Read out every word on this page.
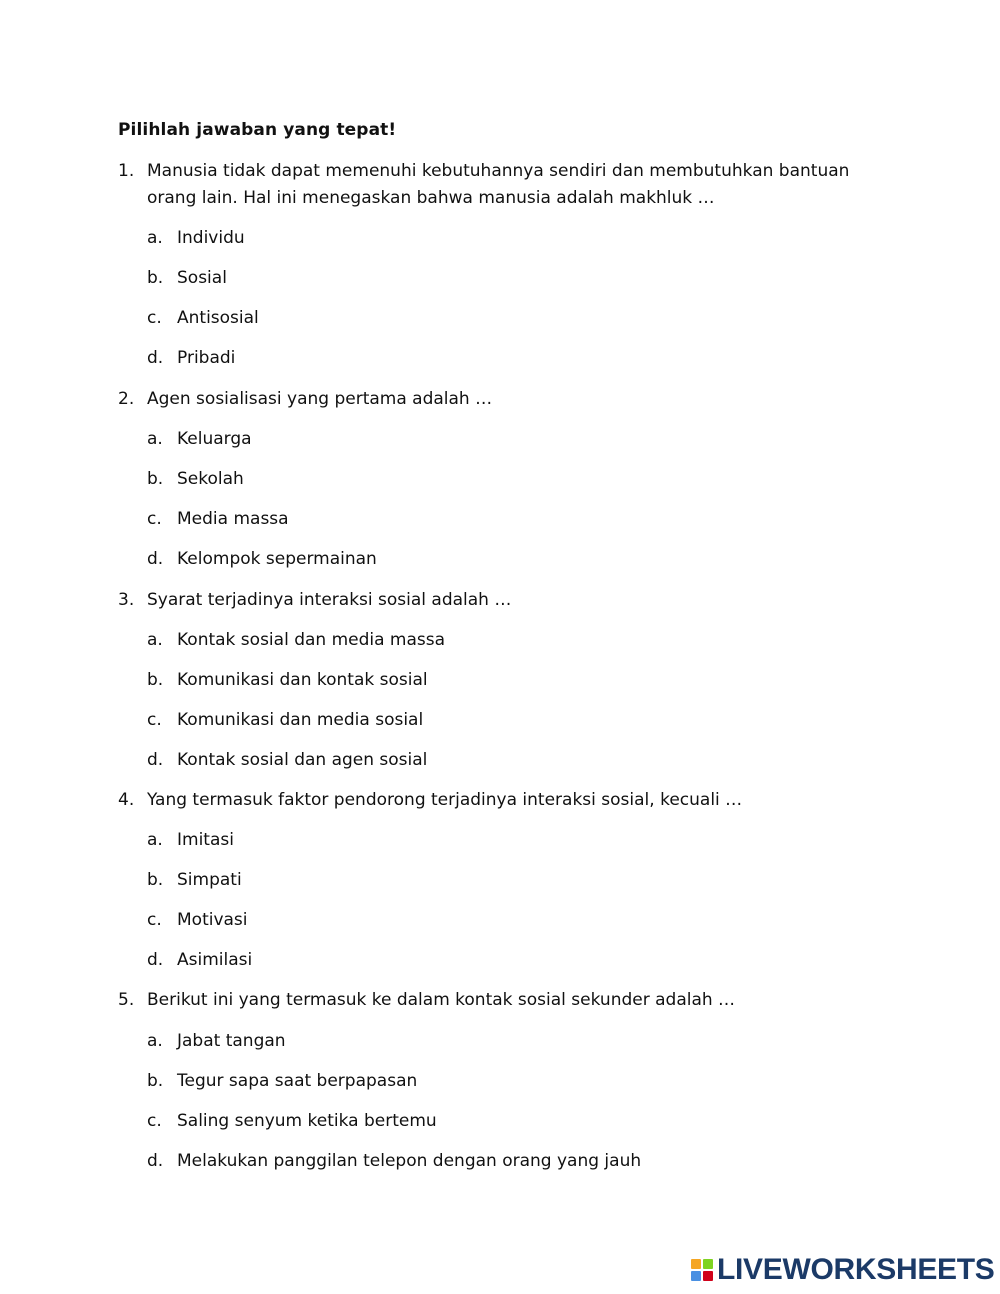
Pilihlah jawaban yang tepat!
1. Manusia tidak dapat memenuhi kebutuhannya sendiri dan membutuhkan bantuan orang lain. Hal ini menegaskan bahwa manusia adalah makhluk …
a. Individu
b. Sosial
c. Antisosial
d. Pribadi
2. Agen sosialisasi yang pertama adalah …
a. Keluarga
b. Sekolah
c. Media massa
d. Kelompok sepermainan
3. Syarat terjadinya interaksi sosial adalah …
a. Kontak sosial dan media massa
b. Komunikasi dan kontak sosial
c. Komunikasi dan media sosial
d. Kontak sosial dan agen sosial
4. Yang termasuk faktor pendorong terjadinya interaksi sosial, kecuali …
a. Imitasi
b. Simpati
c. Motivasi
d. Asimilasi
5. Berikut ini yang termasuk ke dalam kontak sosial sekunder adalah …
a. Jabat tangan
b. Tegur sapa saat berpapasan
c. Saling senyum ketika bertemu
d. Melakukan panggilan telepon dengan orang yang jauh
LIVEWORKSHEETS
